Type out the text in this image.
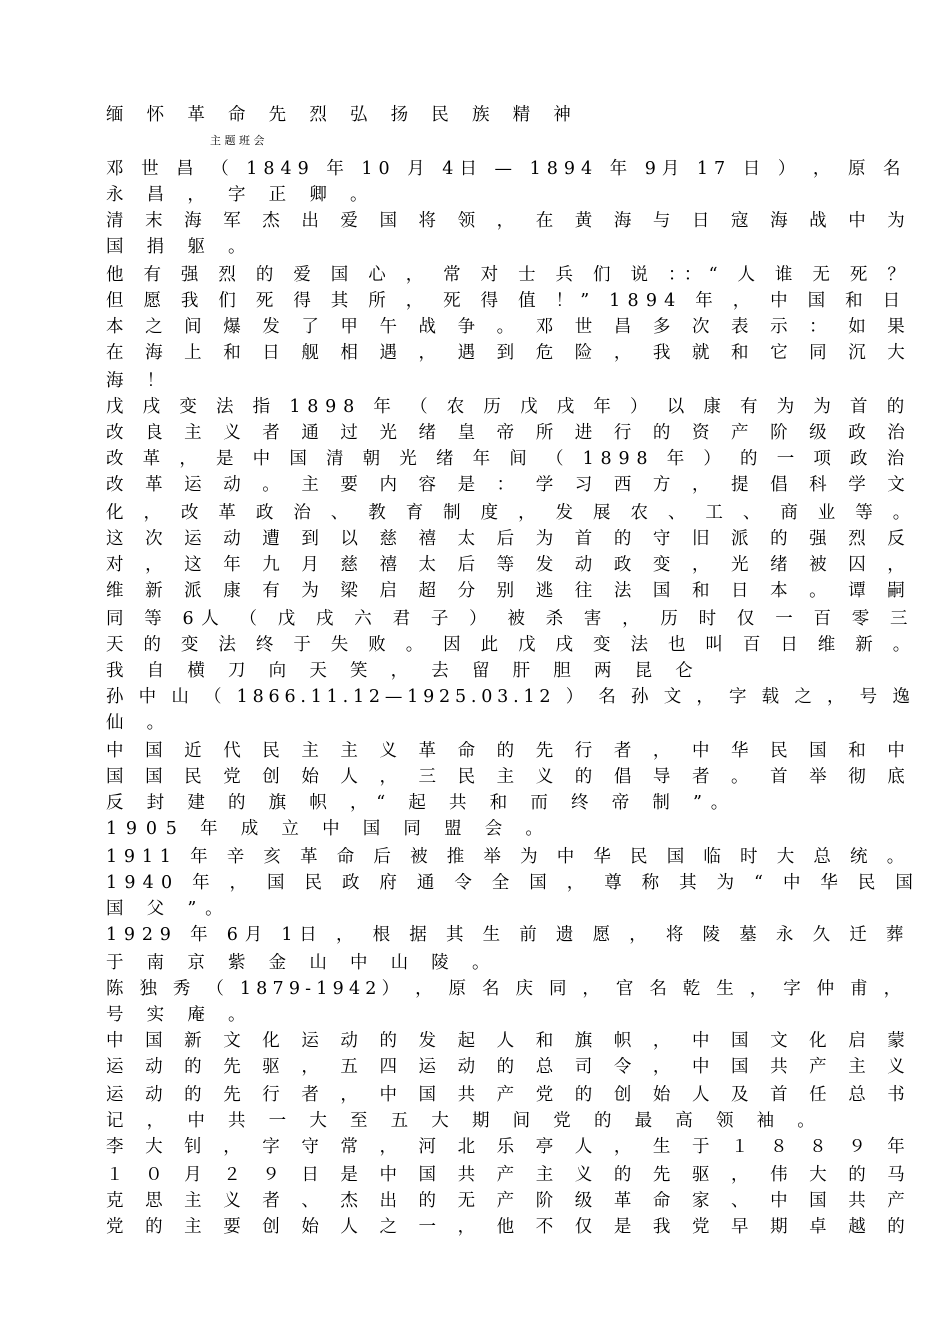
缅 怀 革 命 先 烈 弘 扬 民 族 精 神
主 题 班 会
邓 世 昌 （ 1849 年 10 月 4日 — 1894 年 9月 17 日 ） ， 原 名
永 昌 ， 字 正 卿 。
清 末 海 军 杰 出 爱 国 将 领 ， 在 黄 海 与 日 寇 海 战 中 为
国 捐 躯 。
他 有 强 烈 的 爱 国 心 ， 常 对 士 兵 们 说 ：：“ 人 谁 无 死 ？
但 愿 我 们 死 得 其 所 ， 死 得 值 ！” 1894 年 ， 中 国 和 日
本 之 间 爆 发 了 甲 午 战 争 。 邓 世 昌 多 次 表 示 ： 如 果
在 海 上 和 日 舰 相 遇 ， 遇 到 危 险 ， 我 就 和 它 同 沉 大
海 ！
戊 戌 变 法 指 1898 年 （ 农 历 戊 戌 年 ） 以 康 有 为 为 首 的
改 良 主 义 者 通 过 光 绪 皇 帝 所 进 行 的 资 产 阶 级 政 治
改 革 ， 是 中 国 清 朝 光 绪 年 间 （ 1898 年 ） 的 一 项 政 治
改 革 运 动 。 主 要 内 容 是 ： 学 习 西 方 ， 提 倡 科 学 文
化 ， 改 革 政 治 、 教 育 制 度 ， 发 展 农 、 工 、 商 业 等 。
这 次 运 动 遭 到 以 慈 禧 太 后 为 首 的 守 旧 派 的 强 烈 反
对 ， 这 年 九 月 慈 禧 太 后 等 发 动 政 变 ， 光 绪 被 囚 ，
维 新 派 康 有 为 梁 启 超 分 别 逃 往 法 国 和 日 本 。 谭 嗣
同 等 6人 （ 戊 戌 六 君 子 ） 被 杀 害 ， 历 时 仅 一 百 零 三
天 的 变 法 终 于 失 败 。 因 此 戊 戌 变 法 也 叫 百 日 维 新 。
我 自 横 刀 向 天 笑 ， 去 留 肝 胆 两 昆 仑
孙 中 山 （ 1866.11.12—1925.03.12 ） 名 孙 文 ， 字 载 之 ， 号 逸
仙 。
中 国 近 代 民 主 主 义 革 命 的 先 行 者 ， 中 华 民 国 和 中
国 国 民 党 创 始 人 ， 三 民 主 义 的 倡 导 者 。 首 举 彻 底
反 封 建 的 旗 帜 ，“ 起 共 和 而 终 帝 制 ”。
1905 年 成 立 中 国 同 盟 会 。
1911 年 辛 亥 革 命 后 被 推 举 为 中 华 民 国 临 时 大 总 统 。
1940 年 ， 国 民 政 府 通 令 全 国 ， 尊 称 其 为 “ 中 华 民 国
国 父 ”。
1929 年 6月 1日 ， 根 据 其 生 前 遗 愿 ， 将 陵 墓 永 久 迁 葬
于 南 京 紫 金 山 中 山 陵 。
陈 独 秀 （ 1879-1942） ， 原 名 庆 同 ， 官 名 乾 生 ， 字 仲 甫 ，
号 实 庵 。
中 国 新 文 化 运 动 的 发 起 人 和 旗 帜 ， 中 国 文 化 启 蒙
运 动 的 先 驱 ， 五 四 运 动 的 总 司 令 ， 中 国 共 产 主 义
运 动 的 先 行 者 ， 中 国 共 产 党 的 创 始 人 及 首 任 总 书
记 ， 中 共 一 大 至 五 大 期 间 党 的 最 高 领 袖 。
李 大 钊 ， 字 守 常 ， 河 北 乐 亭 人 ， 生 于 １ ８ ８ ９ 年
１ ０ 月 ２ ９ 日 是 中 国 共 产 主 义 的 先 驱 ， 伟 大 的 马
克 思 主 义 者 、 杰 出 的 无 产 阶 级 革 命 家 、 中 国 共 产
党 的 主 要 创 始 人 之 一 ， 他 不 仅 是 我 党 早 期 卓 越 的
